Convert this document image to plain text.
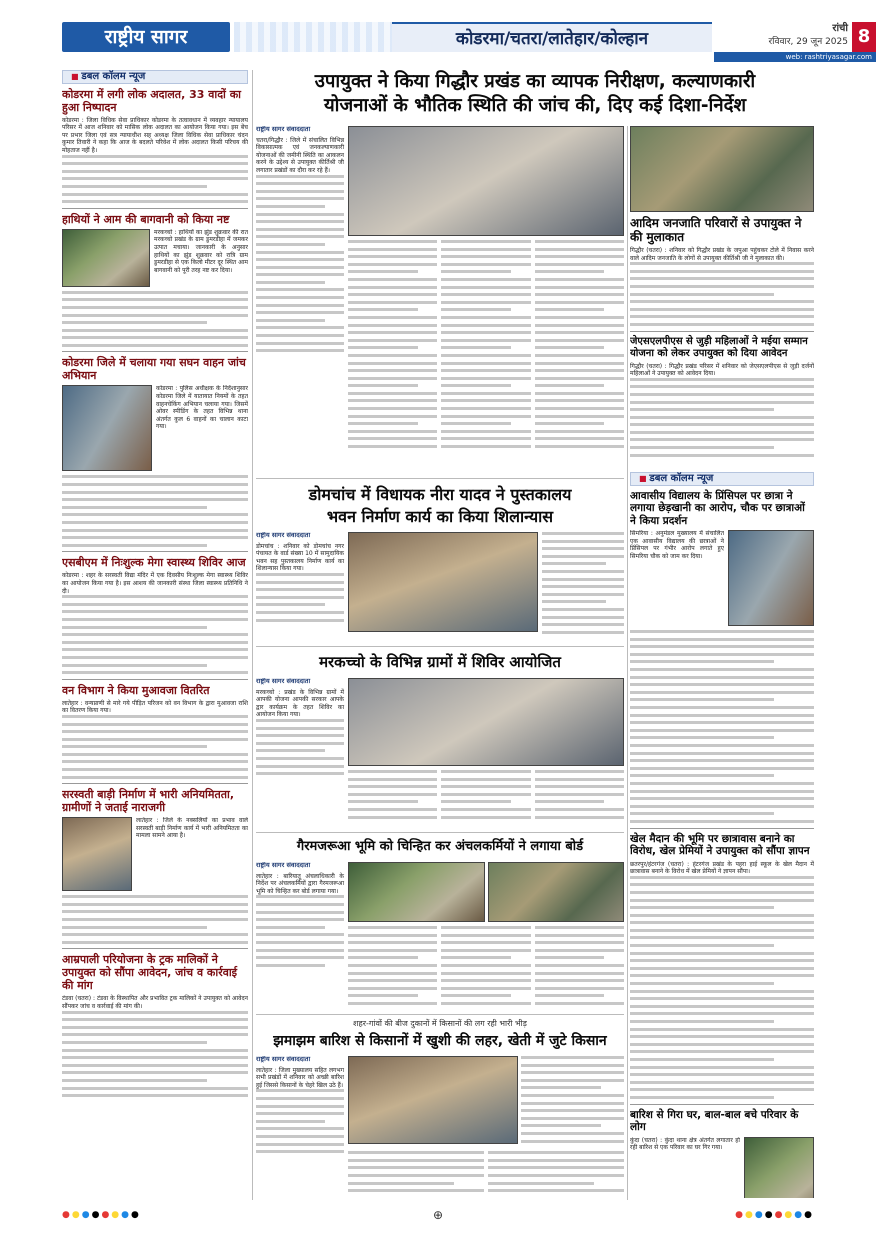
राष्ट्रीय सागर	कोडरमा/चतरा/लातेहार/कोल्हान
रांची
रविवार, 29 जून 2025 8
web: rashtriyasagar.com
■ डबल कॉलम न्यूज
कोडरमा में लगी लोक अदालत, 33 वादों का हुआ निष्पादन
कोडरमा : जिला विधिक सेवा प्राधिकार कोडरमा के तत्वावधान में व्यवहार न्यायालय परिसर में आज शनिवार को मासिक लोक अदालत का आयोजन किया गया। इस बेंच पर प्रभार जिला एवं सत्र न्यायाधीश सह अध्यक्ष जिला विधिक सेवा प्राधिकार चंदन कुमार तिवारी ने कहा कि आज के बदलते परिवेश में लोक अदालत किसी परिचय की मोहताज नहीं है।
हाथियों ने आम की बागवानी को किया नष्ट
मरकच्चो : हाथियों का झुंड शुक्रवार की रात मरकच्चो प्रखंड के ग्राम डुमरडीहा में जमकर उत्पात मचाया। जानकारी के अनुसार हाथियों का झुंड शुक्रवार को रात्रि ग्राम डुमरडीहा से एक किलो मीटर दूर स्थित आम बागवानी को पूरी तरह नष्ट कर दिया।
कोडरमा जिले में चलाया गया सघन वाहन जांच अभियान
कोडरमा : पुलिस अधीक्षक के निर्देशानुसार कोडरमा जिले में यातायात नियमों के तहत वाहनचेकिंग अभियान चलाया गया। जिसमें ओवर स्पीडिंग के तहत विभिन्न थाना अंतर्गत कुल 6 वाहनों का चालान काटा गया।
एसबीएम में निःशुल्क मेगा स्वास्थ्य शिविर आज
कोडरमा : शहर के सरस्वती विद्या मंदिर में एक दिवसीय निःशुल्क मेगा स्वास्थ्य शिविर का आयोजन किया गया है। इस आशय की जानकारी संस्था जिला स्वास्थ्य प्रतिनिधि ने दी।
वन विभाग ने किया मुआवजा वितरित
लातेहार : वन्यप्राणी से मारे गये पीड़ित परिजन को वन विभाग के द्वारा मुआवजा राशि का वितरण किया गया।
सरस्वती बाड़ी निर्माण में भारी अनियमितता, ग्रामीणों ने जताई नाराजगी
लातेहार : जिले के नक्सलियों का प्रभाव वाले सरस्वती बाड़ी निर्माण कार्य में भारी अनियमितता का मामला सामने आया है।
आम्रपाली परियोजना के ट्रक मालिकों ने उपायुक्त को सौंपा आवेदन, जांच व कार्रवाई की मांग
टंडवा (चतरा) : टंडवा के विस्थापित और प्रभावित ट्रक मालिकों ने उपायुक्त को आवेदन सौंपकर जांच व कार्रवाई की मांग की।
उपायुक्त ने किया गिद्धौर प्रखंड का व्यापक निरीक्षण, कल्याणकारी
योजनाओं के भौतिक स्थिति की जांच की, दिए कई दिशा-निर्देश
राष्ट्रीय सागर संवाददाता
चतरा/गिद्धौर : जिले में संचालित विभिन्न विकासात्मक एवं जनकल्याणकारी योजनाओं की जमीनी स्थिति का आकलन करने के उद्देश्य से उपायुक्त कीर्तिश्री जी लगातार प्रखंडों का दौरा कर रहे हैं।
आदिम जनजाति परिवारों से उपायुक्त ने की मुलाकात
गिद्धौर (चतरा) : शनिवार को गिद्धौर प्रखंड के जपुआ पहुंचकर टोले में निवास करने वाले आदिम जनजाति के लोगों से उपायुक्त कीर्तिश्री जी ने मुलाकात की।
जेएसएलपीएस से जुड़ी महिलाओं ने मईया सम्मान योजना को लेकर उपायुक्त को दिया आवेदन
गिद्धौर (चतरा) : गिद्धौर प्रखंड परिसर में शनिवार को जेएसएलपीएस से जुड़ी दर्जनों महिलाओं ने उपायुक्त को आवेदन दिया।
डोमचांच में विधायक नीरा यादव ने पुस्तकालय
भवन निर्माण कार्य का किया शिलान्यास
राष्ट्रीय सागर संवाददाता
डोमचांच : शनिवार को डोमचांच नगर पंचायत के वार्ड संख्या 10 में सामुदायिक भवन सह पुस्तकालय निर्माण कार्य का शिलान्यास किया गया।
■ डबल कॉलम न्यूज
आवासीय विद्यालय के प्रिंसिपल पर छात्रा ने लगाया छेड़खानी का आरोप, चौक पर छात्राओं ने किया प्रदर्शन
सिमरिया : अनुमंडल मुख्यालय में संचालित एक आवासीय विद्यालय की छात्राओं ने प्रिंसिपल पर गंभीर आरोप लगाते हुए सिमरिया चौक को जाम कर दिया।
खेल मैदान की भूमि पर छात्रावास बनाने का विरोध, खेल प्रेमियों ने उपायुक्त को सौंपा ज्ञापन
छतरपुर/हंटरगंज (चतरा) : हंटरगंज प्रखंड के पहरा हाई स्कूल के खेल मैदान में छात्रावास बनाने के विरोध में खेल प्रेमियों ने ज्ञापन सौंपा।
बारिश से गिरा घर, बाल-बाल बचे परिवार के लोग
कुंदा (चतरा) : कुंदा थाना क्षेत्र अंतर्गत लगातार हो रही बारिश से एक परिवार का घर गिर गया।
मरकच्चो के विभिन्न ग्रामों में शिविर आयोजित
राष्ट्रीय सागर संवाददाता
मरकच्चो : प्रखंड के विभिन्न ग्रामों में आपकी योजना आपकी सरकार आपके द्वार कार्यक्रम के तहत शिविर का आयोजन किया गया।
गैरमजरूआ भूमि को चिन्हित कर अंचलकर्मियों ने लगाया बोर्ड
राष्ट्रीय सागर संवाददाता
लातेहार : बारियातू अंचलाधिकारी के निर्देश पर अंचलकर्मियों द्वारा गैरमजरूआ भूमि को चिन्हित कर बोर्ड लगाया गया।
शहर-गांवों की बीज दुकानों में किसानों की लग रही भारी भीड़
झमाझम बारिश से किसानों में खुशी की लहर, खेती में जुटे किसान
राष्ट्रीय सागर संवाददाता
लातेहार : जिला मुख्यालय सहित लगभग सभी प्रखंडों में शनिवार को अच्छी बारिश हुई जिससे किसानों के चेहरे खिल उठे हैं।
●●●●●●●●	⊕	●●●●●●●●
